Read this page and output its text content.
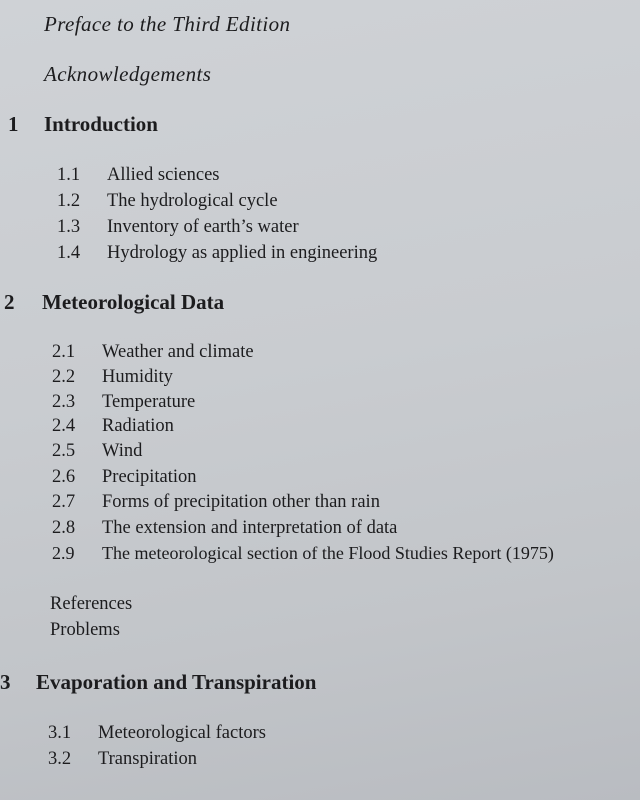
Preface to the Third Edition
Acknowledgements
1 Introduction
1.1 Allied sciences
1.2 The hydrological cycle
1.3 Inventory of earth’s water
1.4 Hydrology as applied in engineering
2 Meteorological Data
2.1 Weather and climate
2.2 Humidity
2.3 Temperature
2.4 Radiation
2.5 Wind
2.6 Precipitation
2.7 Forms of precipitation other than rain
2.8 The extension and interpretation of data
2.9 The meteorological section of the Flood Studies Report (1975)
References
Problems
3 Evaporation and Transpiration
3.1 Meteorological factors
3.2 Transpiration
